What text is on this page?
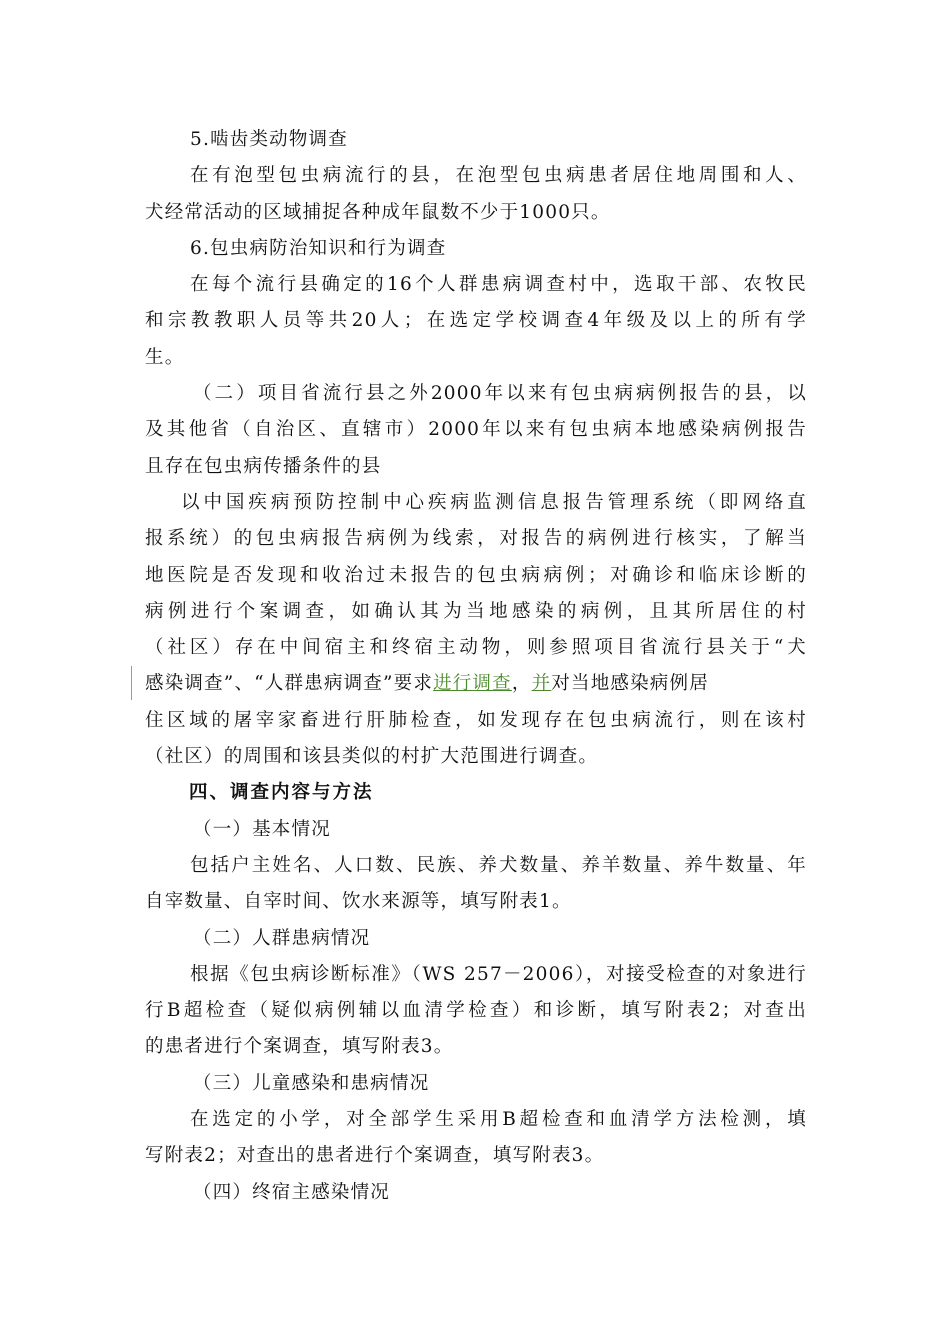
5.啮齿类动物调查
在有泡型包虫病流行的县，在泡型包虫病患者居住地周围和人、
犬经常活动的区域捕捉各种成年鼠数不少于1000只。
6.包虫病防治知识和行为调查
在每个流行县确定的16个人群患病调查村中，选取干部、农牧民
和宗教教职人员等共20人；在选定学校调查4年级及以上的所有学
生。
（二）项目省流行县之外2000年以来有包虫病病例报告的县，以
及其他省（自治区、直辖市）2000年以来有包虫病本地感染病例报告
且存在包虫病传播条件的县
以中国疾病预防控制中心疾病监测信息报告管理系统（即网络直
报系统）的包虫病报告病例为线索，对报告的病例进行核实，了解当
地医院是否发现和收治过未报告的包虫病病例；对确诊和临床诊断的
病例进行个案调查，如确认其为当地感染的病例，且其所居住的村
（社区）存在中间宿主和终宿主动物，则参照项目省流行县关于“犬
感染调查”、“人群患病调查”要求进行调查，并对当地感染病例居
住区域的屠宰家畜进行肝肺检查，如发现存在包虫病流行，则在该村
（社区）的周围和该县类似的村扩大范围进行调查。
四、调查内容与方法
（一）基本情况
包括户主姓名、人口数、民族、养犬数量、养羊数量、养牛数量、年
自宰数量、自宰时间、饮水来源等，填写附表1。
（二）人群患病情况
根据《包虫病诊断标准》（WS 257－2006），对接受检查的对象进行
行B超检查（疑似病例辅以血清学检查）和诊断，填写附表2；对查出
的患者进行个案调查，填写附表3。
（三）儿童感染和患病情况
在选定的小学，对全部学生采用B超检查和血清学方法检测，填
写附表2；对查出的患者进行个案调查，填写附表3。
（四）终宿主感染情况
